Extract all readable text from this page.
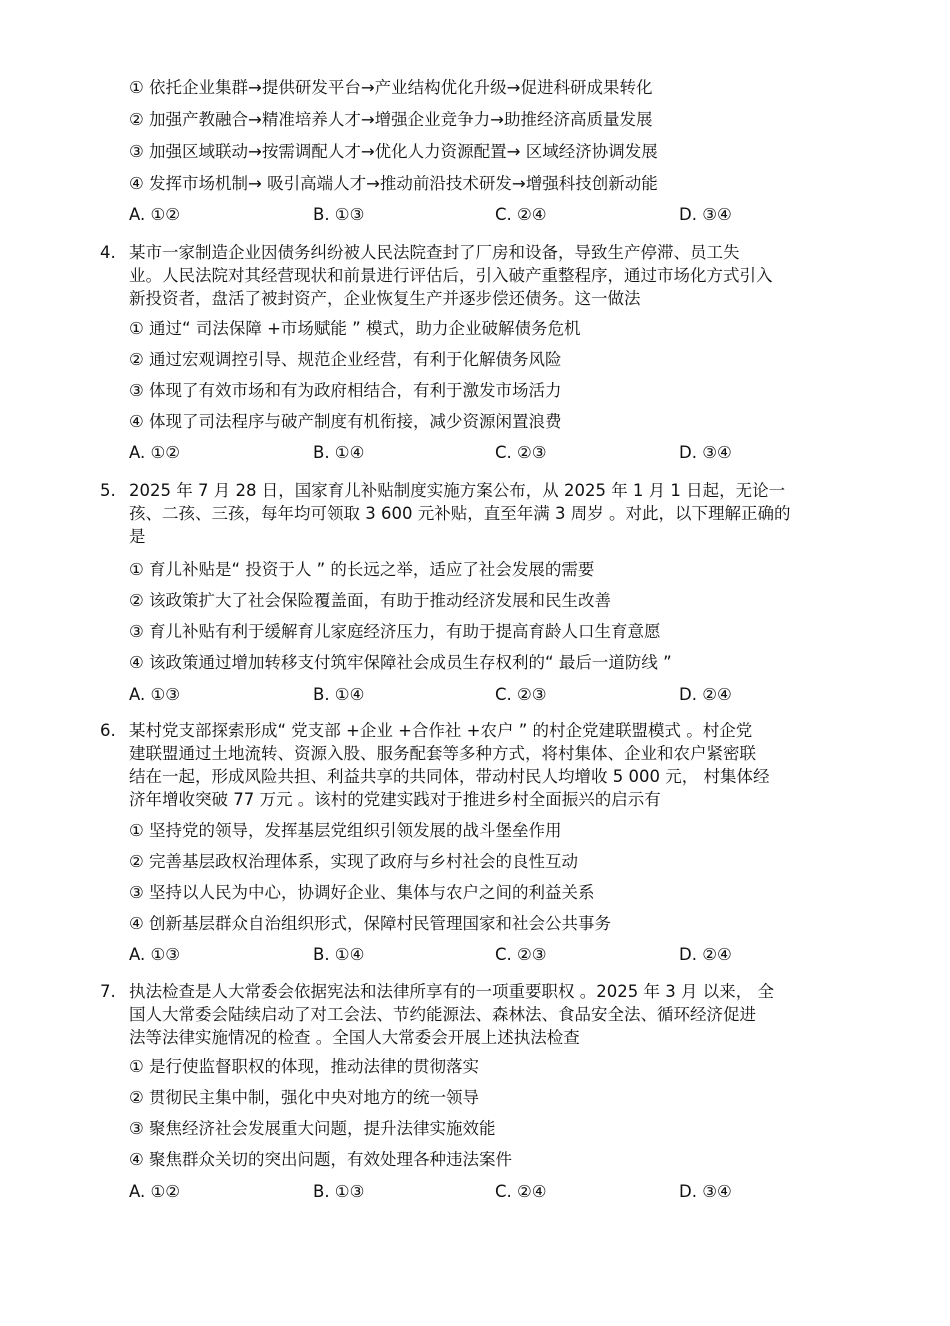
① 依托企业集群→提供研发平台→产业结构优化升级→促进科研成果转化
② 加强产教融合→精准培养人才→增强企业竞争力→助推经济高质量发展
③ 加强区域联动→按需调配人才→优化人力资源配置→ 区域经济协调发展
④ 发挥市场机制→ 吸引高端人才→推动前沿技术研发→增强科技创新动能
A. ①②	B. ①③	C. ②④	D. ③④
4. 某市一家制造企业因债务纠纷被人民法院查封了厂房和设备，导致生产停滞、员工失
业。人民法院对其经营现状和前景进行评估后，引入破产重整程序，通过市场化方式引入
新投资者，盘活了被封资产，企业恢复生产并逐步偿还债务。这一做法
① 通过“ 司法保障 +市场赋能 ” 模式，助力企业破解债务危机
② 通过宏观调控引导、规范企业经营，有利于化解债务风险
③ 体现了有效市场和有为政府相结合，有利于激发市场活力
④ 体现了司法程序与破产制度有机衔接，减少资源闲置浪费
A. ①②	B. ①④	C. ②③	D. ③④
5. 2025 年 7 月 28 日，国家育儿补贴制度实施方案公布，从 2025 年 1 月 1 日起，无论一
孩、二孩、三孩，每年均可领取 3 600 元补贴，直至年满 3 周岁 。对此，以下理解正确的
是
① 育儿补贴是“ 投资于人 ” 的长远之举，适应了社会发展的需要
② 该政策扩大了社会保险覆盖面，有助于推动经济发展和民生改善
③ 育儿补贴有利于缓解育儿家庭经济压力，有助于提高育龄人口生育意愿
④ 该政策通过增加转移支付筑牢保障社会成员生存权利的“ 最后一道防线 ”
A. ①③	B. ①④	C. ②③	D. ②④
6. 某村党支部探索形成“ 党支部 +企业 +合作社 +农户 ” 的村企党建联盟模式 。村企党
建联盟通过土地流转、资源入股、服务配套等多种方式，将村集体、企业和农户紧密联
结在一起，形成风险共担、利益共享的共同体，带动村民人均增收 5 000 元， 村集体经
济年增收突破 77 万元 。该村的党建实践对于推进乡村全面振兴的启示有
① 坚持党的领导，发挥基层党组织引领发展的战斗堡垒作用
② 完善基层政权治理体系，实现了政府与乡村社会的良性互动
③ 坚持以人民为中心，协调好企业、集体与农户之间的利益关系
④ 创新基层群众自治组织形式，保障村民管理国家和社会公共事务
A. ①③	B. ①④	C. ②③	D. ②④
7. 执法检查是人大常委会依据宪法和法律所享有的一项重要职权 。2025 年 3 月 以来， 全
国人大常委会陆续启动了对工会法、节约能源法、森林法、食品安全法、循环经济促进
法等法律实施情况的检查 。全国人大常委会开展上述执法检查
① 是行使监督职权的体现，推动法律的贯彻落实
② 贯彻民主集中制，强化中央对地方的统一领导
③ 聚焦经济社会发展重大问题，提升法律实施效能
④ 聚焦群众关切的突出问题，有效处理各种违法案件
A. ①②	B. ①③	C. ②④	D. ③④
